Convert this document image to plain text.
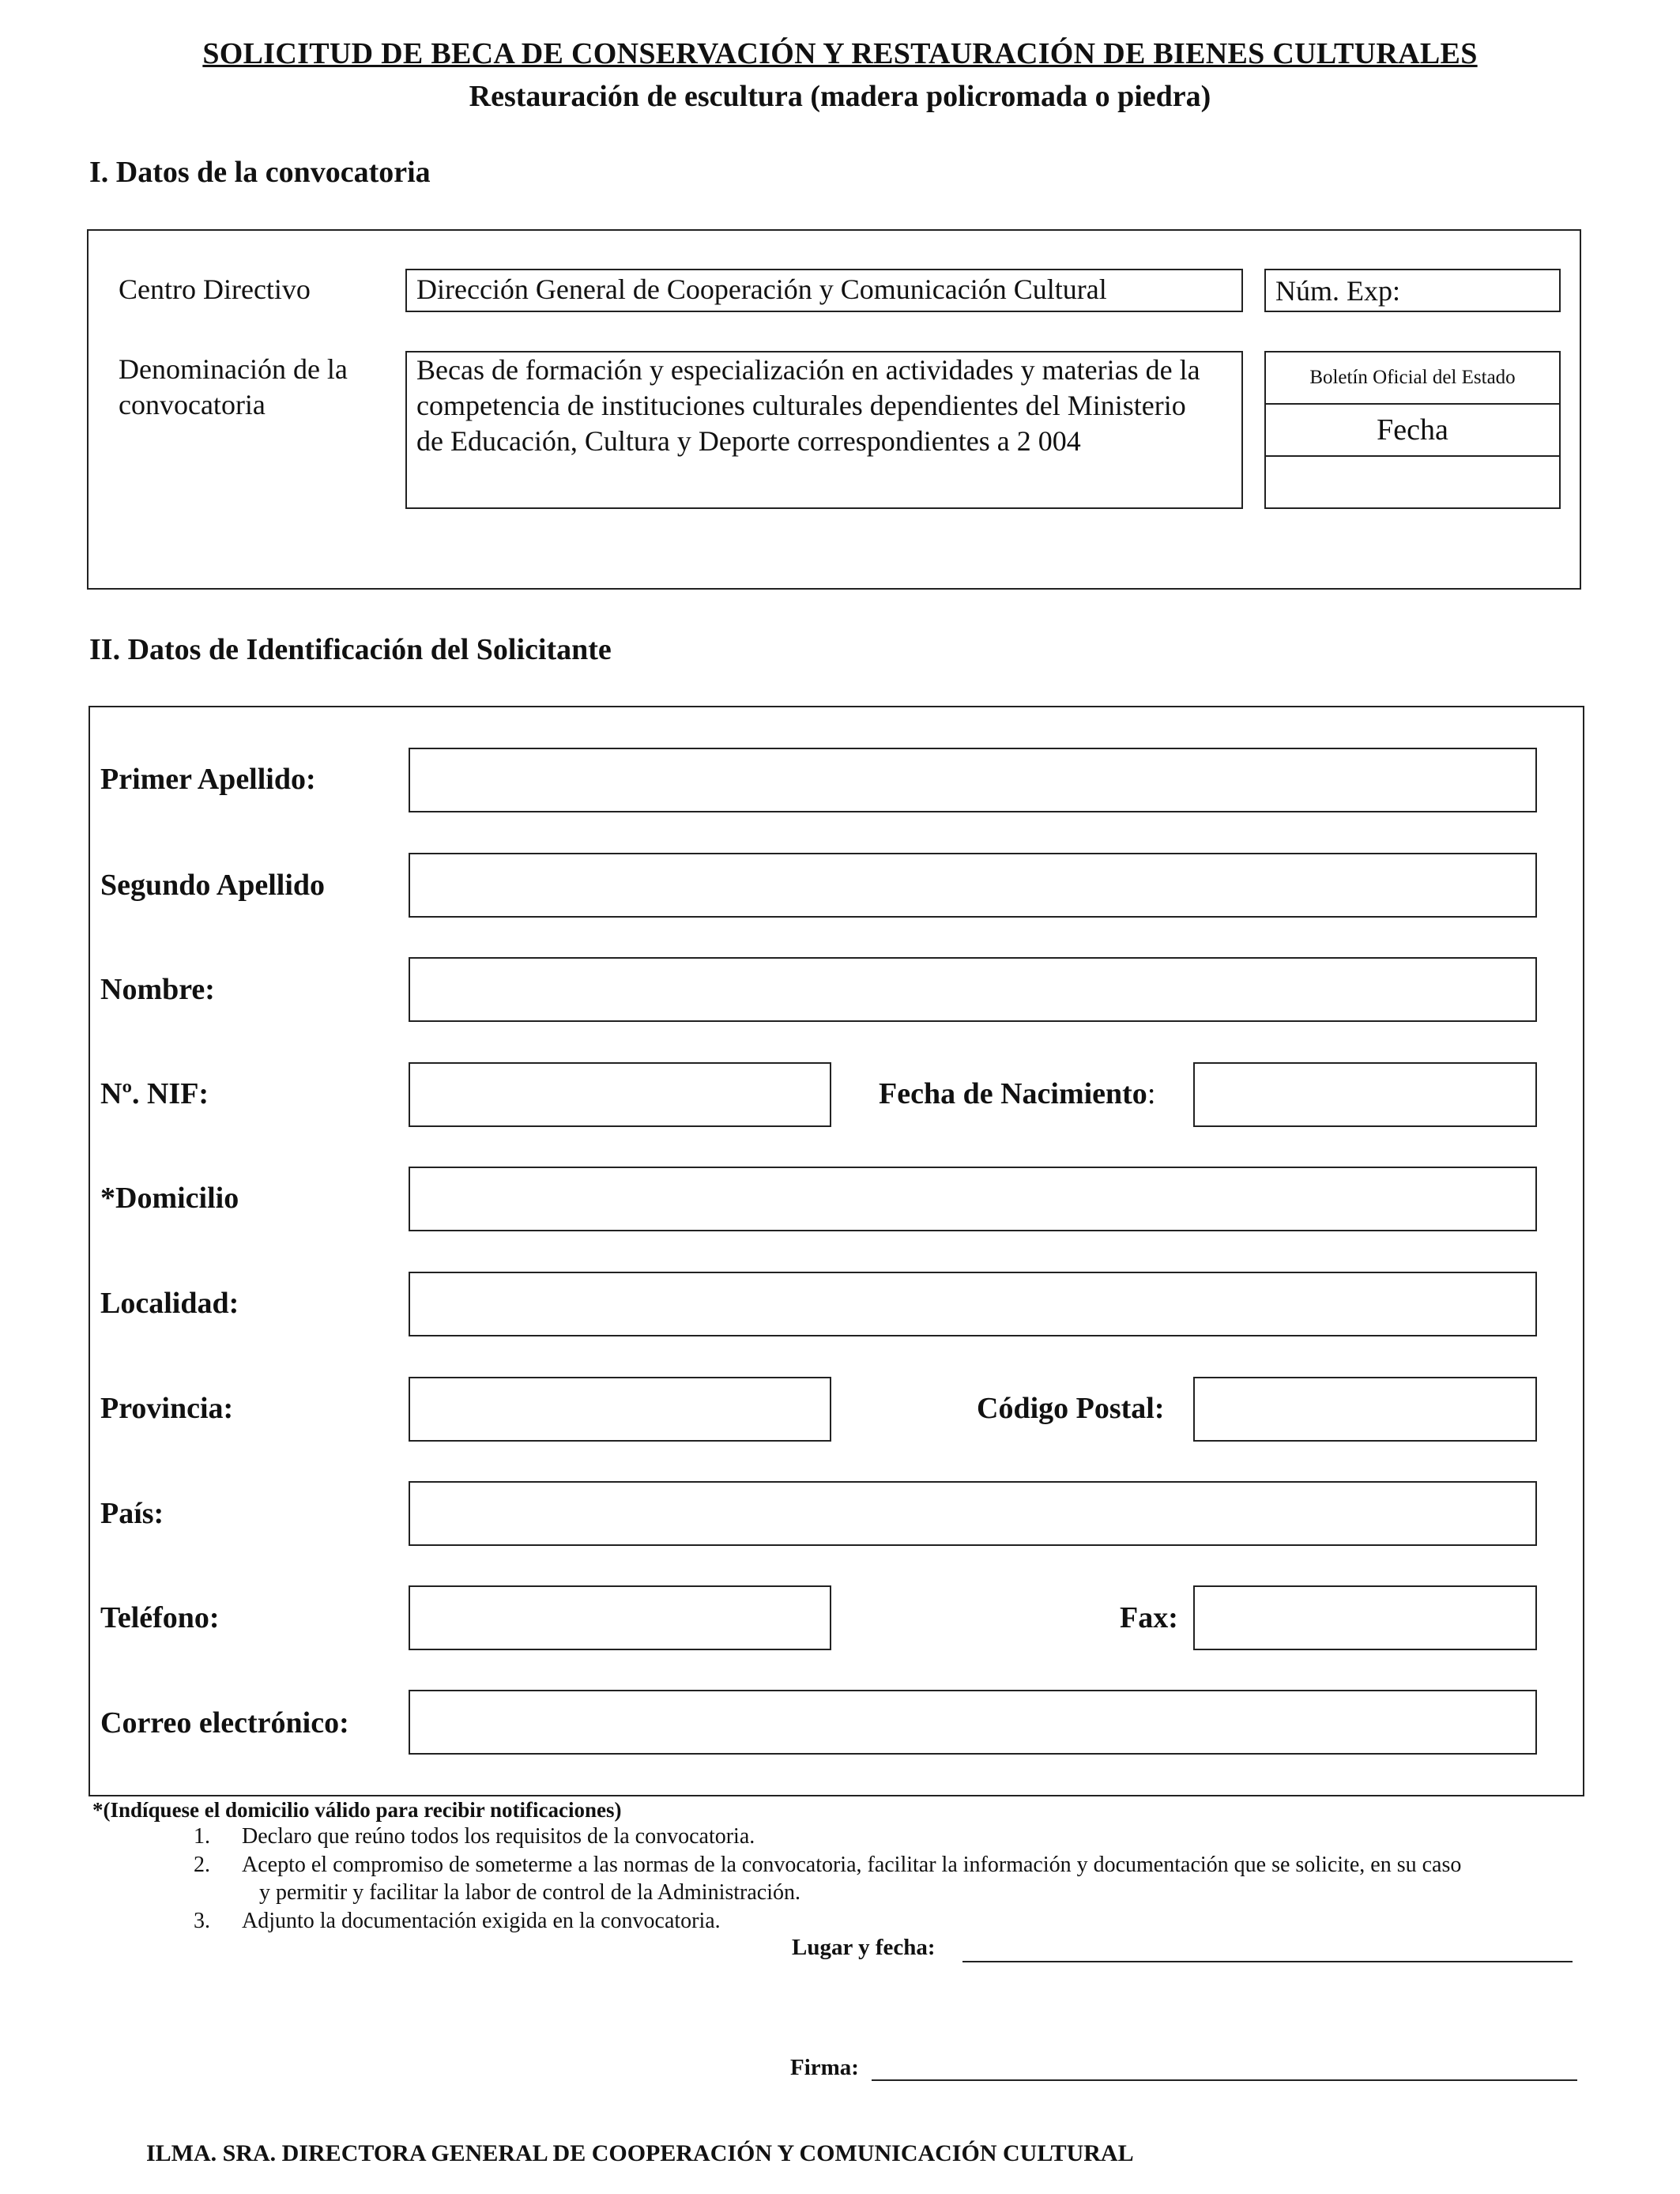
SOLICITUD DE BECA DE CONSERVACIÓN Y RESTAURACIÓN DE BIENES CULTURALES
Restauración de escultura (madera policromada o piedra)
I. Datos de la convocatoria
Centro Directivo	Dirección General de Cooperación y Comunicación Cultural	Núm. Exp:
Denominación de la
convocatoria
Becas de formación y especialización en actividades y materias de la
competencia de instituciones culturales dependientes del Ministerio
de Educación, Cultura y Deporte correspondientes a 2 004
Boletín Oficial del Estado
Fecha
II. Datos de Identificación del Solicitante
Primer Apellido:
Segundo Apellido
Nombre:
Nº. NIF:	Fecha de Nacimiento:
*Domicilio
Localidad:
Provincia:	Código Postal:
País:
Teléfono:	Fax:
Correo electrónico:
*(Indíquese el domicilio válido para recibir notificaciones)
1. Declaro que reúno todos los requisitos de la convocatoria.
2. Acepto el compromiso de someterme a las normas de la convocatoria, facilitar la información y documentación que se solicite, en su caso
y permitir y facilitar la labor de control de la Administración.
3. Adjunto la documentación exigida en la convocatoria.
Lugar y fecha:
Firma:
ILMA. SRA. DIRECTORA GENERAL DE COOPERACIÓN Y COMUNICACIÓN CULTURAL
